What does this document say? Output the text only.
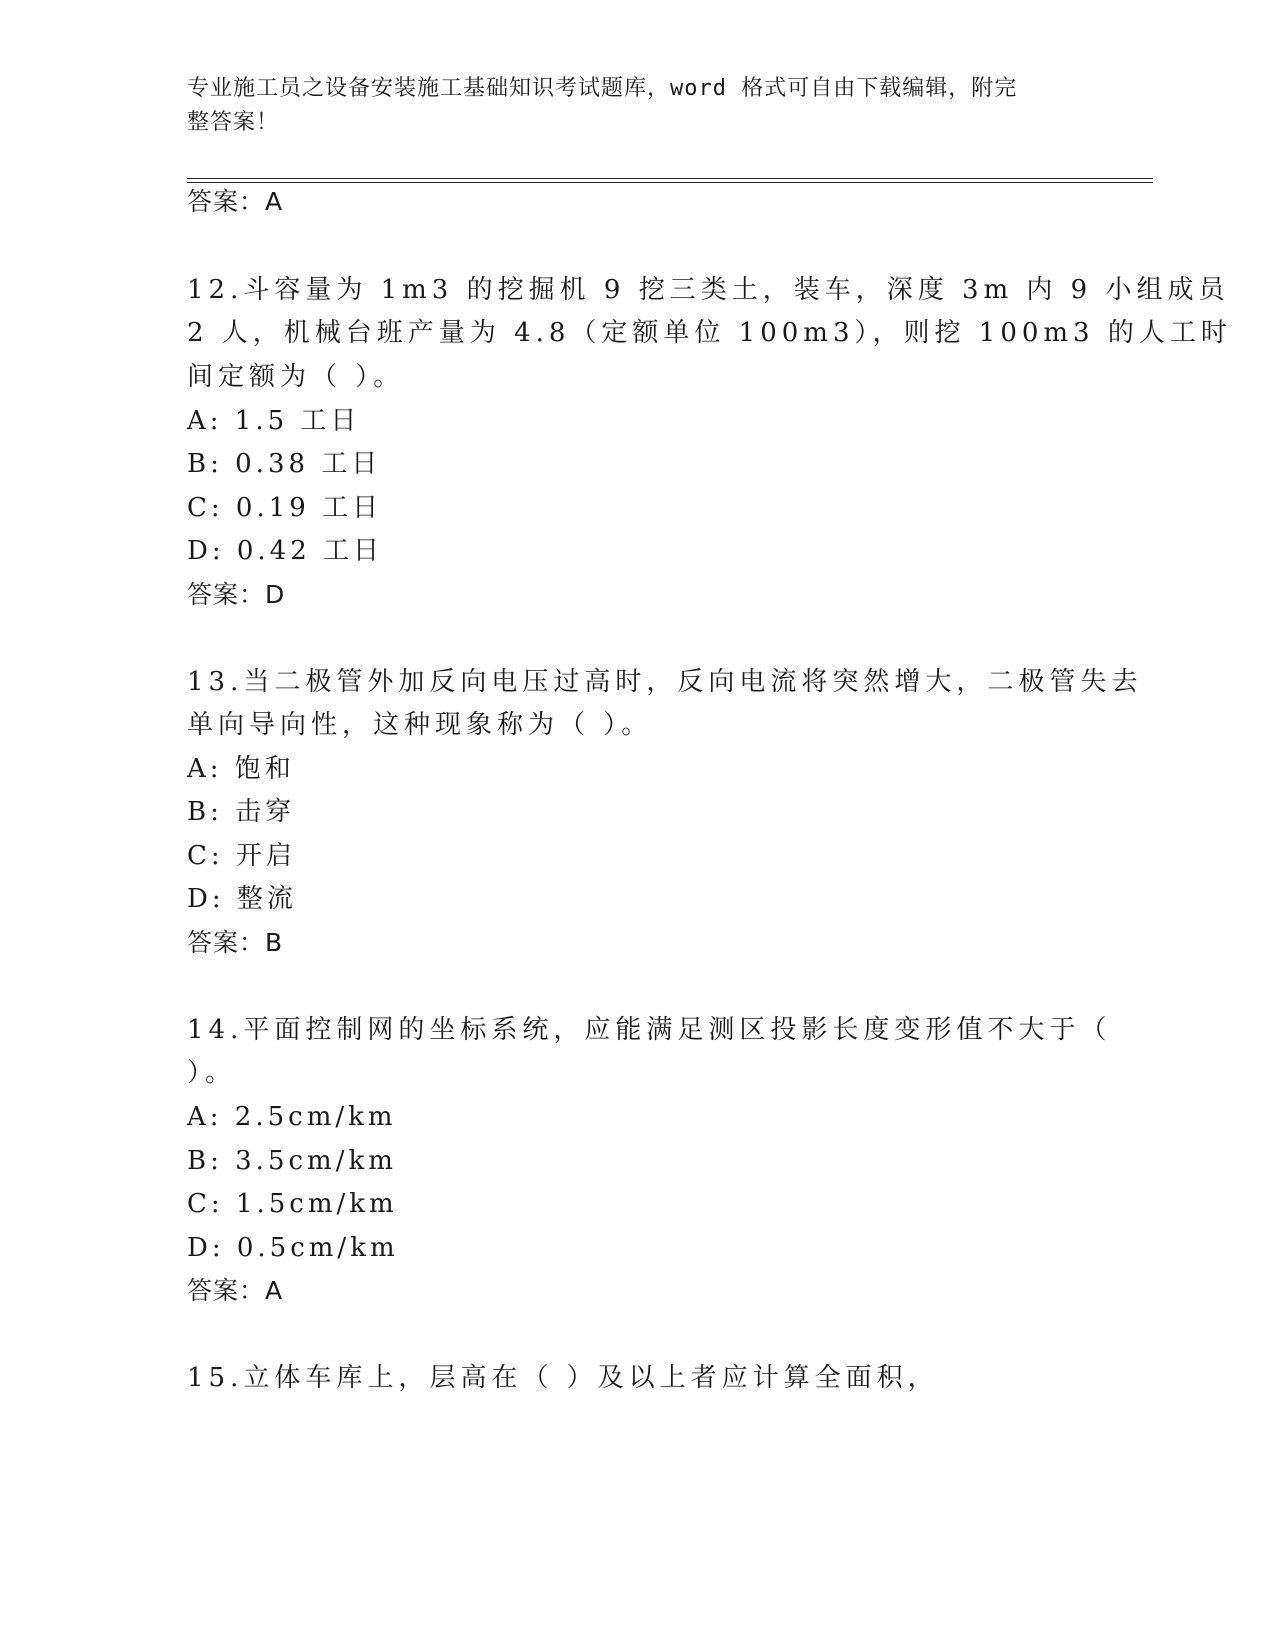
专业施工员之设备安装施工基础知识考试题库，word 格式可自由下载编辑，附完
整答案！
答案：A
12.斗容量为 1m3 的挖掘机 9 挖三类土，装车，深度 3m 内 9 小组成员
2 人，机械台班产量为 4.8（定额单位 100m3），则挖 100m3 的人工时
间定额为（ ）。
A: 1.5 工日
B: 0.38 工日
C: 0.19 工日
D: 0.42 工日
答案：D
13.当二极管外加反向电压过高时，反向电流将突然增大，二极管失去
单向导向性，这种现象称为（ ）。
A: 饱和
B: 击穿
C: 开启
D: 整流
答案：B
14.平面控制网的坐标系统，应能满足测区投影长度变形值不大于（
）。
A: 2.5cm/km
B: 3.5cm/km
C: 1.5cm/km
D: 0.5cm/km
答案：A
15.立体车库上，层高在（ ）及以上者应计算全面积，
